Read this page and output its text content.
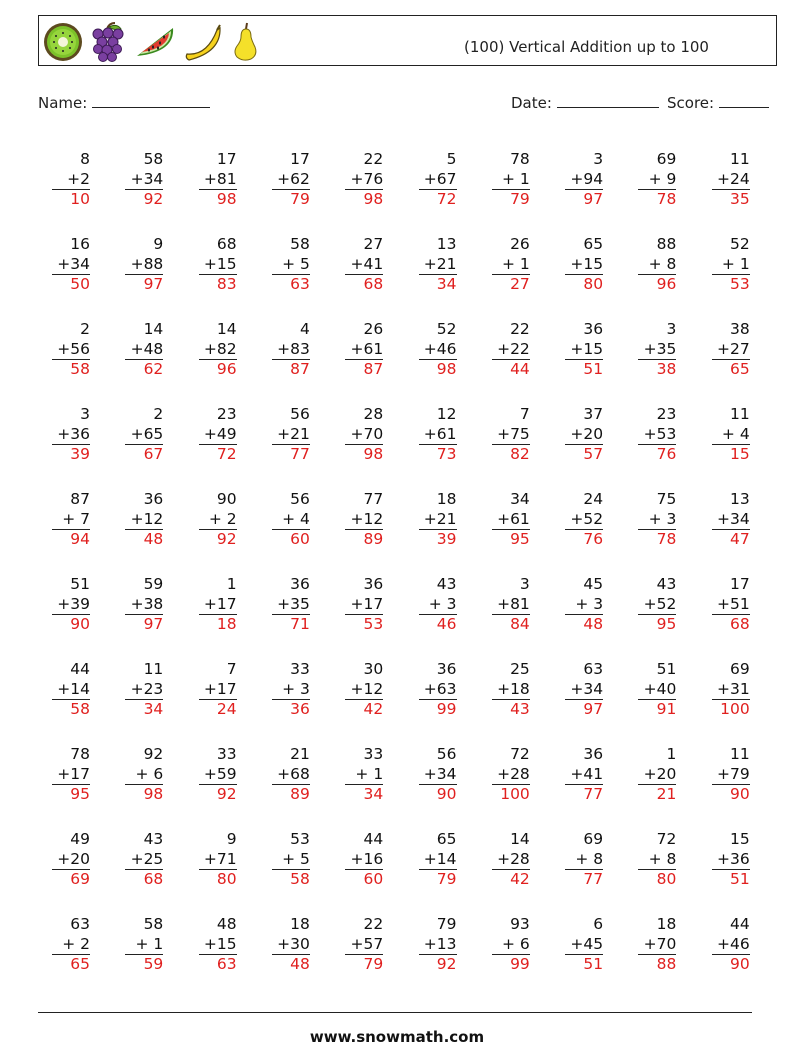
(100) Vertical Addition up to 100
Name:	Date:	Score:
8
+2
10
58
+34
92
17
+81
98
17
+62
79
22
+76
98
5
+67
72
78
+ 1
79
3
+94
97
69
+ 9
78
11
+24
35
16
+34
50
9
+88
97
68
+15
83
58
+ 5
63
27
+41
68
13
+21
34
26
+ 1
27
65
+15
80
88
+ 8
96
52
+ 1
53
2
+56
58
14
+48
62
14
+82
96
4
+83
87
26
+61
87
52
+46
98
22
+22
44
36
+15
51
3
+35
38
38
+27
65
3
+36
39
2
+65
67
23
+49
72
56
+21
77
28
+70
98
12
+61
73
7
+75
82
37
+20
57
23
+53
76
11
+ 4
15
87
+ 7
94
36
+12
48
90
+ 2
92
56
+ 4
60
77
+12
89
18
+21
39
34
+61
95
24
+52
76
75
+ 3
78
13
+34
47
51
+39
90
59
+38
97
1
+17
18
36
+35
71
36
+17
53
43
+ 3
46
3
+81
84
45
+ 3
48
43
+52
95
17
+51
68
44
+14
58
11
+23
34
7
+17
24
33
+ 3
36
30
+12
42
36
+63
99
25
+18
43
63
+34
97
51
+40
91
69
+31
100
78
+17
95
92
+ 6
98
33
+59
92
21
+68
89
33
+ 1
34
56
+34
90
72
+28
100
36
+41
77
1
+20
21
11
+79
90
49
+20
69
43
+25
68
9
+71
80
53
+ 5
58
44
+16
60
65
+14
79
14
+28
42
69
+ 8
77
72
+ 8
80
15
+36
51
63
+ 2
65
58
+ 1
59
48
+15
63
18
+30
48
22
+57
79
79
+13
92
93
+ 6
99
6
+45
51
18
+70
88
44
+46
90
www.snowmath.com
